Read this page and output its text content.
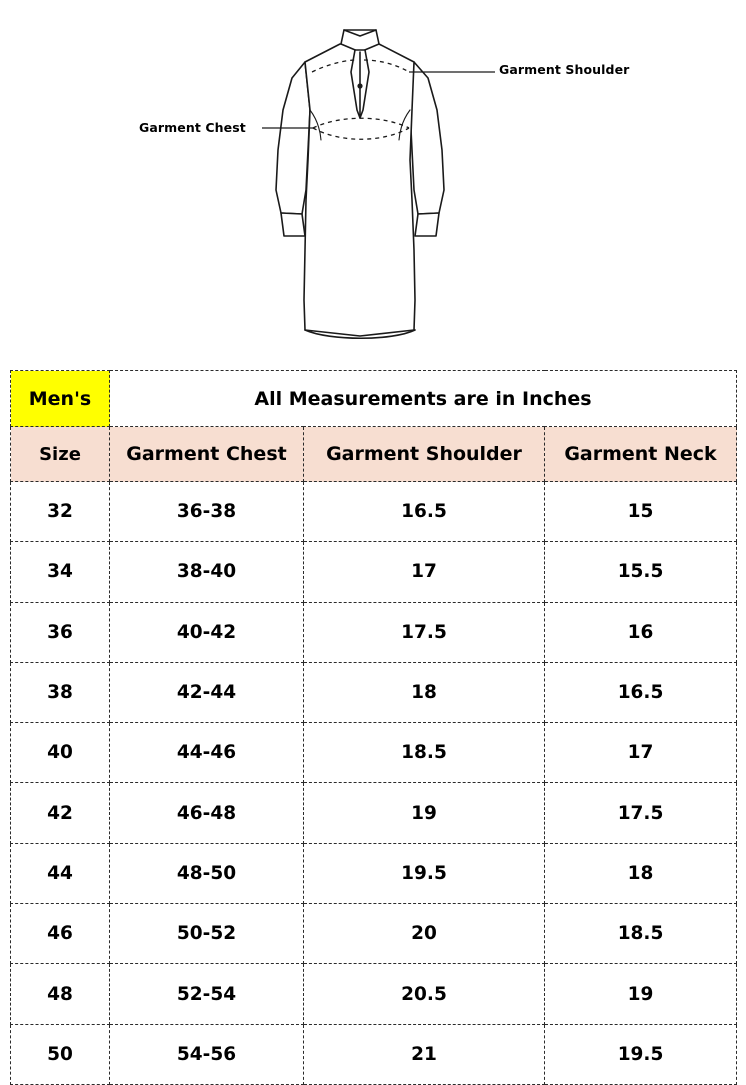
Garment Shoulder
Garment Chest
Men's	All Measurements are in Inches		
Size	Garment Chest	Garment Shoulder	Garment Neck
32	36-38	16.5	15
34	38-40	17	15.5
36	40-42	17.5	16
38	42-44	18	16.5
40	44-46	18.5	17
42	46-48	19	17.5
44	48-50	19.5	18
46	50-52	20	18.5
48	52-54	20.5	19
50	54-56	21	19.5
